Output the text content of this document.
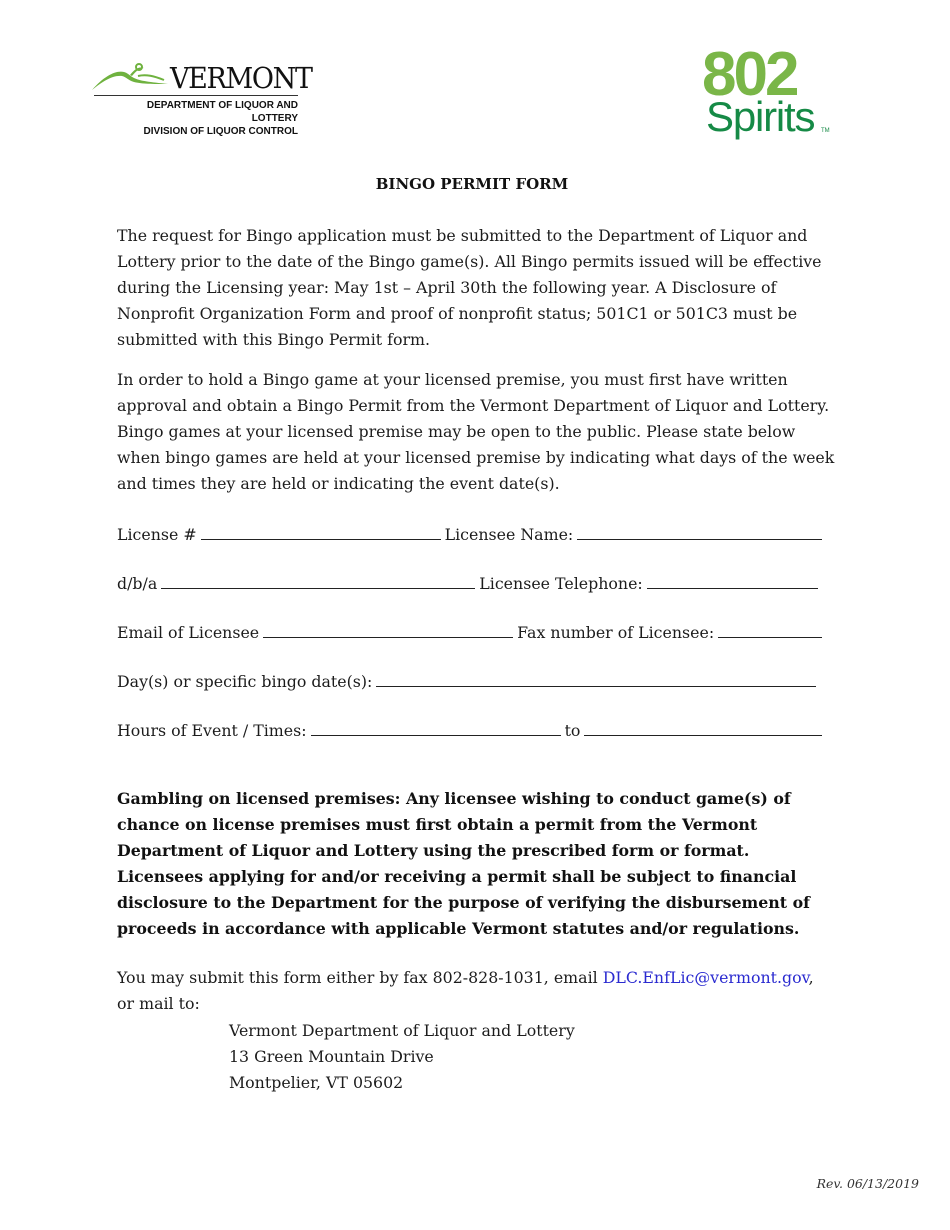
VERMONT
DEPARTMENT OF LIQUOR AND LOTTERY
DIVISION OF LIQUOR CONTROL
802
Spirits TM
BINGO PERMIT FORM
The request for Bingo application must be submitted to the Department of Liquor and Lottery prior to the date of the Bingo game(s). All Bingo permits issued will be effective during the Licensing year: May 1st – April 30th the following year. A Disclosure of Nonprofit Organization Form and proof of nonprofit status; 501C1 or 501C3 must be submitted with this Bingo Permit form.
In order to hold a Bingo game at your licensed premise, you must first have written approval and obtain a Bingo Permit from the Vermont Department of Liquor and Lottery. Bingo games at your licensed premise may be open to the public. Please state below when bingo games are held at your licensed premise by indicating what days of the week and times they are held or indicating the event date(s).
License #	Licensee Name:
d/b/a	Licensee Telephone:
Email of Licensee	Fax number of Licensee:
Day(s) or specific bingo date(s):
Hours of Event / Times:	to
Gambling on licensed premises: Any licensee wishing to conduct game(s) of chance on license premises must first obtain a permit from the Vermont Department of Liquor and Lottery using the prescribed form or format. Licensees applying for and/or receiving a permit shall be subject to financial disclosure to the Department for the purpose of verifying the disbursement of proceeds in accordance with applicable Vermont statutes and/or regulations.
You may submit this form either by fax 802-828-1031, email DLC.EnfLic@vermont.gov,
or mail to:
Vermont Department of Liquor and Lottery
13 Green Mountain Drive
Montpelier, VT 05602
Rev. 06/13/2019
